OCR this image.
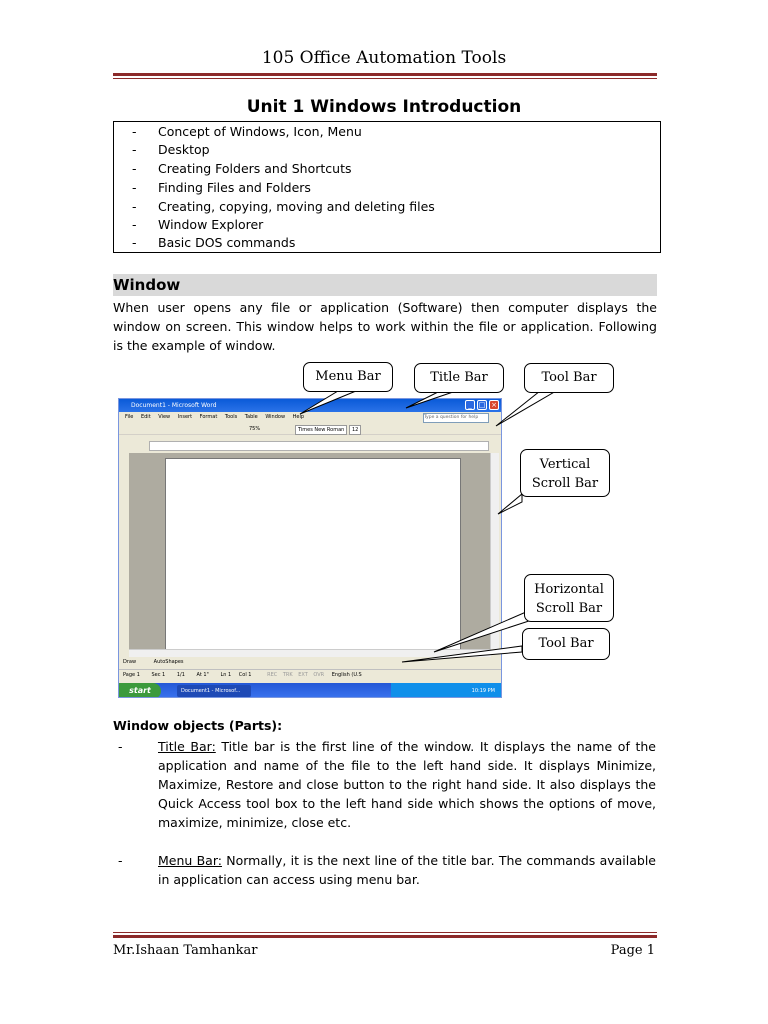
105 Office Automation Tools
Unit 1 Windows Introduction
- Concept of Windows, Icon, Menu
- Desktop
- Creating Folders and Shortcuts
- Finding Files and Folders
- Creating, copying, moving and deleting files
- Window Explorer
- Basic DOS commands
Window
When user opens any file or application (Software) then computer displays the window on screen. This window helps to work within the file or application. Following is the example of window.
Document1 - Microsoft Word	_ □ ×
File Edit View Insert Format Tools Table Window Help	Type a question for help
75%	Times New Roman	12
Draw	AutoShapes
Page 1 Sec 1 1/1 At 1" Ln 1 Col 1	REC TRK EXT OVR English (U.S
start	Document1 - Microsof...	10:19 PM
Menu Bar	Title Bar	Tool Bar
Vertical Scroll Bar
Horizontal Scroll Bar
Tool Bar
Window objects (Parts):
-	Title Bar: Title bar is the first line of the window. It displays the name of the application and name of the file to the left hand side. It displays Minimize, Maximize, Restore and close button to the right hand side. It also displays the Quick Access tool box to the left hand side which shows the options of move, maximize, minimize, close etc.
-	Menu Bar: Normally, it is the next line of the title bar. The commands available in application can access using menu bar.
Mr.Ishaan Tamhankar	Page 1
